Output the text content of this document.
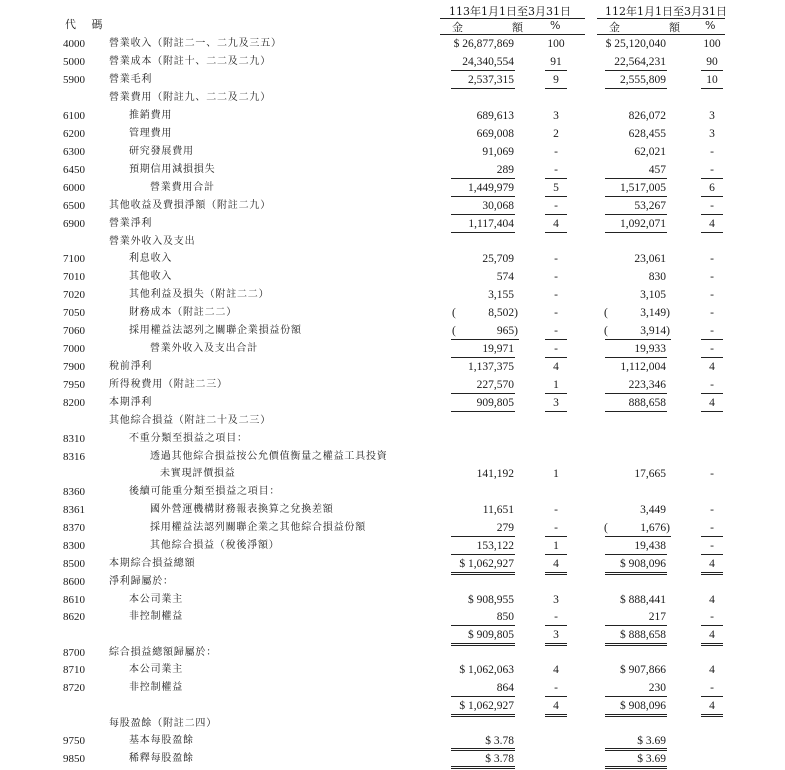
代 碼
113年1月1日至3月31日	112年1月1日至3月31日
金	額 %	金	額 %
4000	營業收入（附註二一、二九及三五）	$ 26,877,869	100	$ 25,120,040	100
5000	營業成本（附註十、二二及二九）	24,340,554	91	22,564,231	90
5900	營業毛利	2,537,315	9	2,555,809	10
營業費用（附註九、二二及二九）
6100	推銷費用	689,613	3	826,072	3
6200	管理費用	669,008	2	628,455	3
6300	研究發展費用	91,069	-	62,021	-
6450	預期信用減損損失	289	-	457	-
6000	營業費用合計	1,449,979	5	1,517,005	6
6500	其他收益及費損淨額（附註二九）	30,068	-	53,267	-
6900	營業淨利	1,117,404	4	1,092,071	4
營業外收入及支出
7100	利息收入	25,709	-	23,061	-
7010	其他收入	574	-	830	-
7020	其他利益及損失（附註二二）	3,155	-	3,105	-
7050	財務成本（附註二二）	(	8,502)	-	(	3,149)	-
7060	採用權益法認列之關聯企業損益份額	(	965)	-	(	3,914)	-
7000	營業外收入及支出合計	19,971	-	19,933	-
7900	稅前淨利	1,137,375	4	1,112,004	4
7950	所得稅費用（附註二三）	227,570	1	223,346	-
8200	本期淨利	909,805	3	888,658	4
其他綜合損益（附註二十及二三）
8310	不重分類至損益之項目：
8316	透過其他綜合損益按公允價值衡量之權益工具投資
未實現評價損益	141,192	1	17,665	-
8360	後續可能重分類至損益之項目：
8361	國外營運機構財務報表換算之兌換差額	11,651	-	3,449	-
8370	採用權益法認列關聯企業之其他綜合損益份額	279	-	(	1,676)	-
8300	其他綜合損益（稅後淨額）	153,122	1	19,438	-
8500	本期綜合損益總額	$ 1,062,927	4	$ 908,096	4
8600	淨利歸屬於：
8610	本公司業主	$ 908,955	3	$ 888,441	4
8620	非控制權益	850	-	217	-
$ 909,805	3	$ 888,658	4
8700	綜合損益總額歸屬於：
8710	本公司業主	$ 1,062,063	4	$ 907,866	4
8720	非控制權益	864	-	230	-
$ 1,062,927	4	$ 908,096	4
每股盈餘（附註二四）
9750	基本每股盈餘	$ 3.78	$ 3.69
9850	稀釋每股盈餘	$ 3.78	$ 3.69
